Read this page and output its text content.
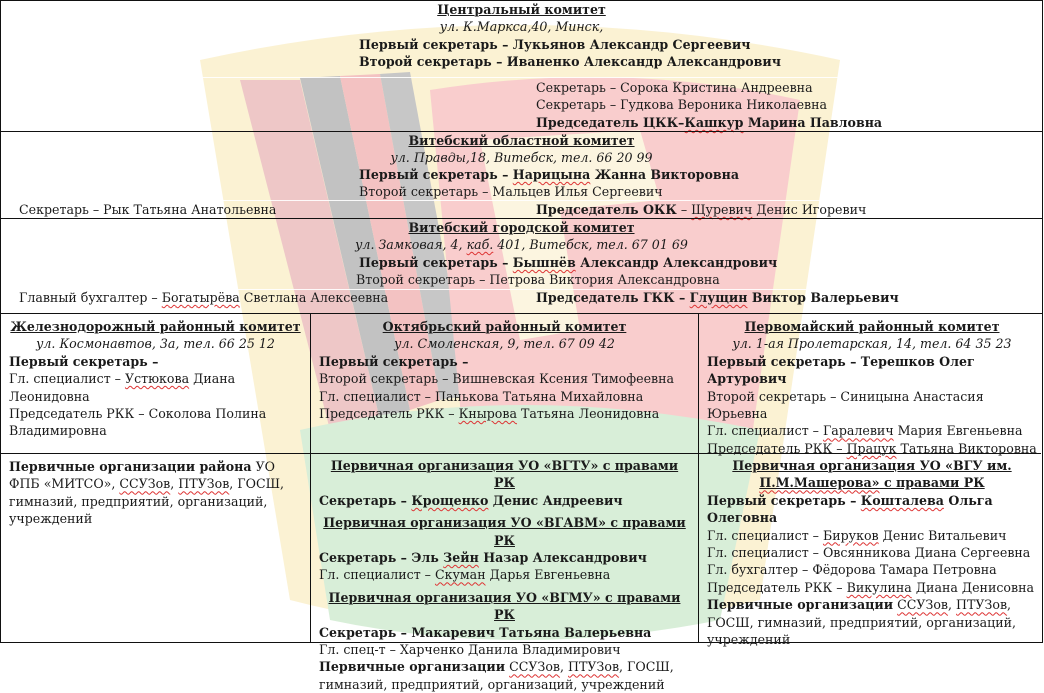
Центральный комитет
ул. К.Маркса,40, Минск,
Первый секретарь – Лукьянов Александр Сергеевич
Второй секретарь – Иваненко Александр Александрович
Секретарь – Сорока Кристина Андреевна
Секретарь – Гудкова Вероника Николаевна
Председатель ЦКК–Кашкур Марина Павловна
Витебский областной комитет
ул. Правды,18, Витебск, тел. 66 20 99
Первый секретарь – Нарицына Жанна Викторовна
Второй секретарь – Мальцев Илья Сергеевич
Секретарь – Рык Татьяна Анатольевна	Председатель ОКК – Щуревич Денис Игоревич
Витебский городской комитет
ул. Замковая, 4, каб. 401, Витебск, тел. 67 01 69
Первый секретарь – Бышнёв Александр Александрович
Второй секретарь – Петрова Виктория Александровна
Главный бухгалтер – Богатырёва Светлана Алексеевна	Председатель ГКК – Глущин Виктор Валерьевич

Железнодорожный районный комитет

ул. Космонавтов, 3а, тел. 66 25 12

Первый секретарь –

Гл. специалист – Устюкова Диана Леонидовна

Председатель РКК – Соколова Полина Владимировна

Октябрьский районный комитет

ул. Смоленская, 9, тел. 67 09 42

Первый секретарь –

Второй секретарь – Вишневская Ксения Тимофеевна

Гл. специалист – Панькова Татьяна Михайловна

Председатель РКК – Кнырова Татьяна Леонидовна

Первомайский районный комитет

ул. 1-ая Пролетарская, 14, тел. 64 35 23

Первый секретарь – Терешков Олег Артурович

Второй секретарь – Синицына Анастасия Юрьевна

Гл. специалист – Гаралевич Мария Евгеньевна

Председатель РКК – Працук Татьяна Викторовна

Первичные организации района УО ФПБ «МИТСО», ССУЗов, ПТУЗов, ГОСШ, гимназий, предприятий, организаций, учреждений

Первичная организация УО «ВГТУ» с правами РК

Секретарь – Крощенко Денис Андреевич

Первичная организация УО «ВГАВМ» с правами РК

Секретарь – Эль Зейн Назар Александрович

Гл. специалист – Скуман Дарья Евгеньевна

Первичная организация УО «ВГМУ» с правами РК

Секретарь – Макаревич Татьяна Валерьевна

Гл. спец-т – Харченко Данила Владимирович

Первичные организации ССУЗов, ПТУЗов, ГОСШ, гимназий, предприятий, организаций, учреждений

Первичная организация УО «ВГУ им. П.М.Машерова» с правами РК

Первый секретарь – Кошталева Ольга Олеговна

Гл. специалист – Бируков Денис Витальевич

Гл. специалист – Овсянникова Диана Сергеевна

Гл. бухгалтер – Фёдорова Тамара Петровна

Председатель РКК – Викулина Диана Денисовна

Первичные организации ССУЗов, ПТУЗов, ГОСШ, гимназий, предприятий, организаций, учреждений
